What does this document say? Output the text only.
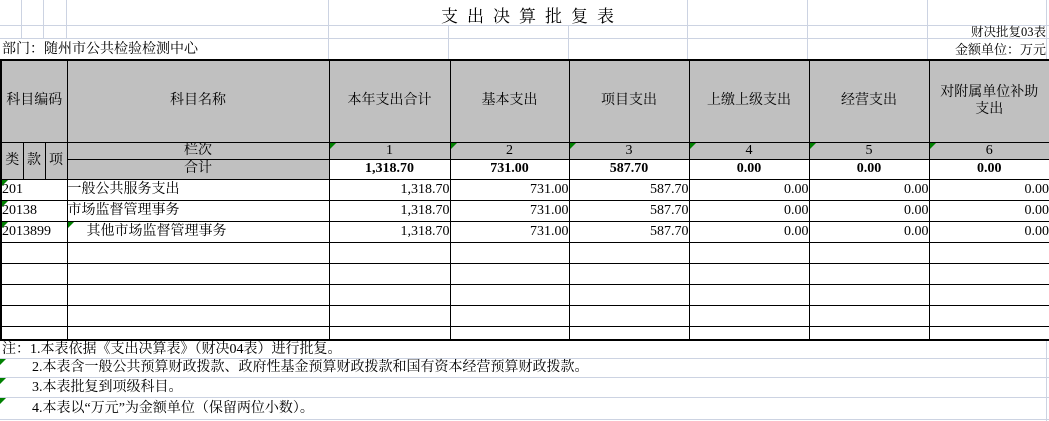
支出决算批复表
财决批复03表
金额单位：万元
部门：随州市公共检验检测中心
科目编码			科目名称	本年支出合计	基本支出	项目支出	上缴上级支出	经营支出	对附属单位补助支出
类	款	项	栏次	1	2	3	4	5	6
			合计	1,318.70	731.00	587.70	0.00	0.00	0.00

201			一般公共服务支出	1,318.70	731.00	587.70	0.00	0.00	0.00

20138			市场监督管理事务	1,318.70	731.00	587.70	0.00	0.00	0.00

2013899			其他市场监督管理事务	1,318.70	731.00	587.70	0.00	0.00	0.00

注：1.本表依据《支出决算表》（财决04表）进行批复。
2.本表含一般公共预算财政拨款、政府性基金预算财政拨款和国有资本经营预算财政拨款。
3.本表批复到项级科目。
4.本表以“万元”为金额单位（保留两位小数）。
